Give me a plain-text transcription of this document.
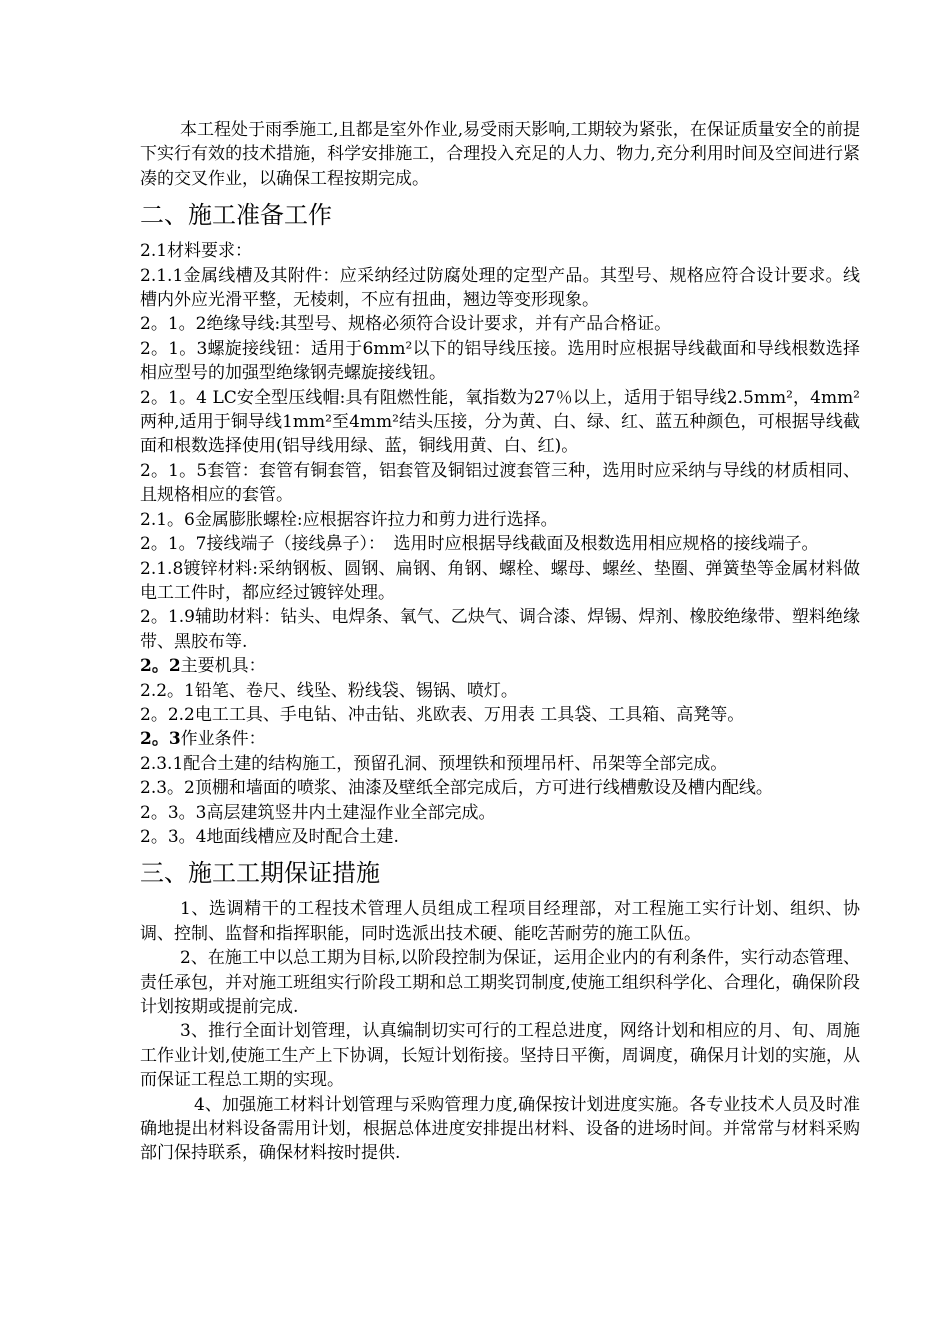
本工程处于雨季施工,且都是室外作业,易受雨天影响,工期较为紧张，在保证质量安全的前提下实行有效的技术措施，科学安排施工，合理投入充足的人力、物力,充分利用时间及空间进行紧凑的交叉作业，以确保工程按期完成。

二、施工准备工作

2.1材料要求：

2.1.1金属线槽及其附件：应采纳经过防腐处理的定型产品。其型号、规格应符合设计要求。线槽内外应光滑平整，无棱刺，不应有扭曲，翘边等变形现象。

2。1。2绝缘导线:其型号、规格必须符合设计要求，并有产品合格证。

2。1。3螺旋接线钮：适用于6mm²以下的铝导线压接。选用时应根据导线截面和导线根数选择相应型号的加强型绝缘钢壳螺旋接线钮。

2。1。4 LC安全型压线帽:具有阻燃性能，氧指数为27％以上，适用于铝导线2.5mm²，4mm²两种,适用于铜导线1mm²至4mm²结头压接，分为黄、白、绿、红、蓝五种颜色，可根据导线截面和根数选择使用(铝导线用绿、蓝，铜线用黄、白、红)。

2。1。5套管：套管有铜套管，铝套管及铜铝过渡套管三种，选用时应采纳与导线的材质相同、且规格相应的套管。

2.1。6金属膨胀螺栓:应根据容许拉力和剪力进行选择。

2。1。7接线端子（接线鼻子）：　选用时应根据导线截面及根数选用相应规格的接线端子。

2.1.8镀锌材料:采纳钢板、圆钢、扁钢、角钢、螺栓、螺母、螺丝、垫圈、弹簧垫等金属材料做电工工件时，都应经过镀锌处理。

2。1.9辅助材料：钻头、电焊条、氧气、乙炔气、调合漆、焊锡、焊剂、橡胶绝缘带、塑料绝缘带、黑胶布等.

2。2主要机具：

2.2。1铅笔、卷尺、线坠、粉线袋、锡锅、喷灯。

2。2.2电工工具、手电钻、冲击钻、兆欧表、万用表 工具袋、工具箱、高凳等。

2。3作业条件：

2.3.1配合土建的结构施工，预留孔洞、预埋铁和预埋吊杆、吊架等全部完成。

2.3。2顶棚和墙面的喷浆、油漆及壁纸全部完成后，方可进行线槽敷设及槽内配线。

2。3。3高层建筑竖井内土建湿作业全部完成。

2。3。4地面线槽应及时配合土建.

三、施工工期保证措施

1、选调精干的工程技术管理人员组成工程项目经理部，对工程施工实行计划、组织、协调、控制、监督和指挥职能，同时选派出技术硬、能吃苦耐劳的施工队伍。

2、在施工中以总工期为目标,以阶段控制为保证，运用企业内的有利条件，实行动态管理、责任承包，并对施工班组实行阶段工期和总工期奖罚制度,使施工组织科学化、合理化，确保阶段计划按期或提前完成.

3、推行全面计划管理，认真编制切实可行的工程总进度，网络计划和相应的月、旬、周施工作业计划,使施工生产上下协调，长短计划衔接。坚持日平衡，周调度，确保月计划的实施，从而保证工程总工期的实现。

4、加强施工材料计划管理与采购管理力度,确保按计划进度实施。各专业技术人员及时准确地提出材料设备需用计划，根据总体进度安排提出材料、设备的进场时间。并常常与材料采购部门保持联系，确保材料按时提供.
